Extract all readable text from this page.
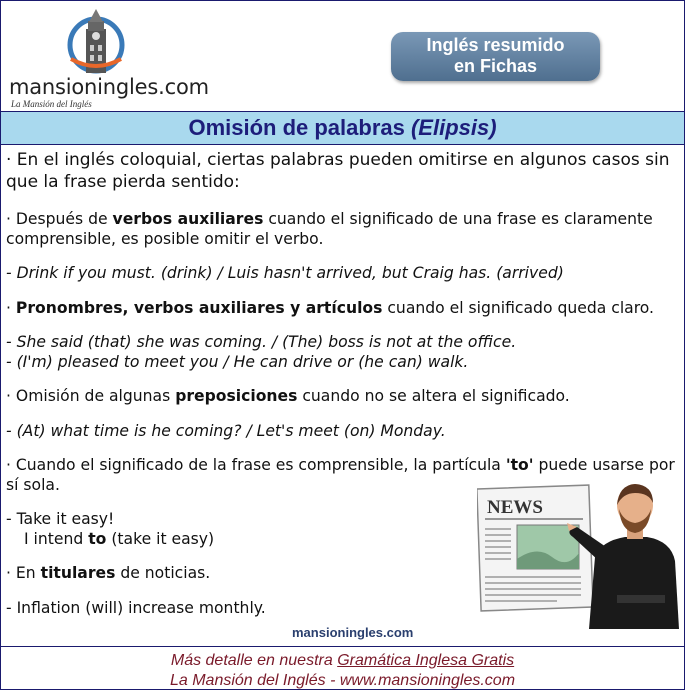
mansioningles.com
La Mansión del Inglés
Inglés resumido
en Fichas
Omisión de palabras (Elipsis)

· En el inglés coloquial, ciertas palabras pueden omitirse en algunos casos sin que la frase pierda sentido:

· Después de verbos auxiliares cuando el significado de una frase es claramente comprensible, es posible omitir el verbo.

- Drink if you must. (drink) / Luis hasn't arrived, but Craig has. (arrived)

· Pronombres, verbos auxiliares y artículos cuando el significado queda claro.

- She said (that) she was coming. / (The) boss is not at the office.

- (I'm) pleased to meet you / He can drive or (he can) walk.

· Omisión de algunas preposiciones cuando no se altera el significado.

- (At) what time is he coming? / Let's meet (on) Monday.

· Cuando el significado de la frase es comprensible, la partícula 'to' puede usarse por sí sola.

- Take it easy!

I intend to (take it easy)

· En titulares de noticias.

- Inflation (will) increase monthly.

NEWS
mansioningles.com
Más detalle en nuestra Gramática Inglesa Gratis
La Mansión del Inglés - www.mansioningles.com
